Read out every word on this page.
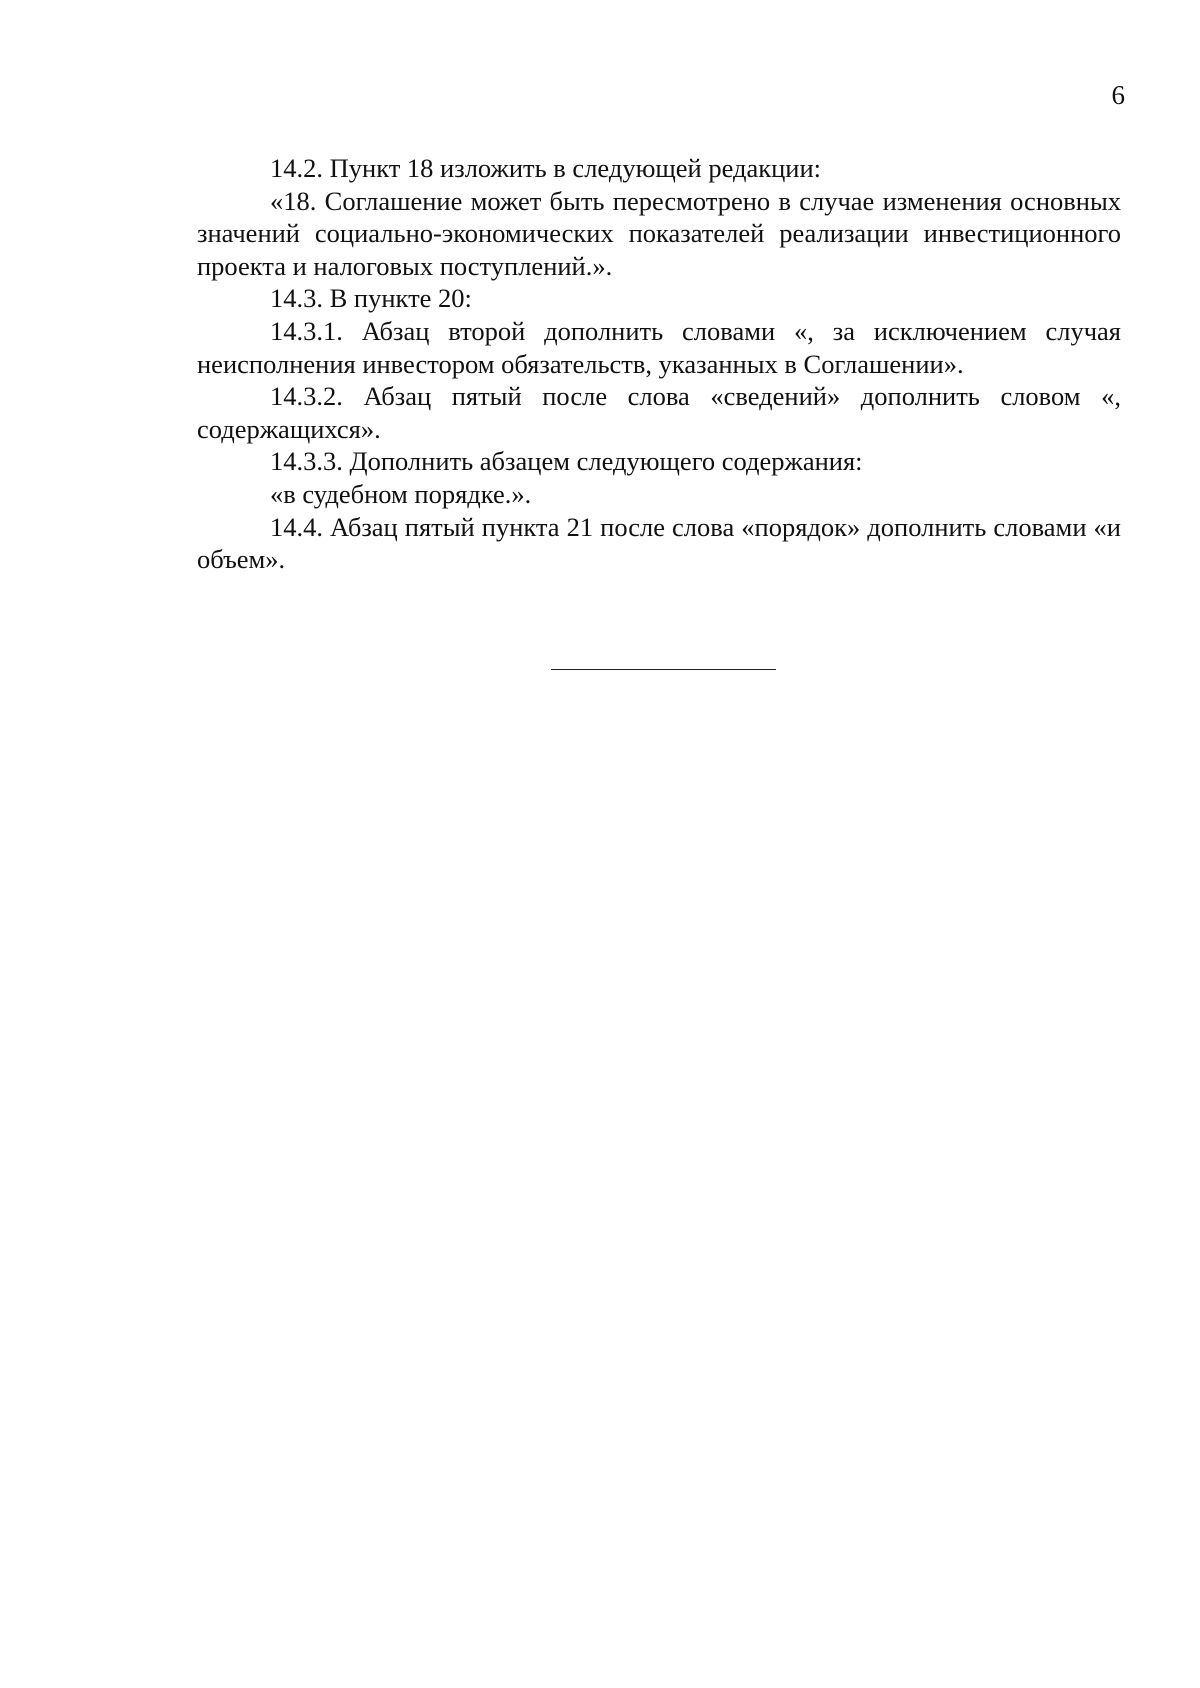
6

14.2. Пункт 18 изложить в следующей редакции:

«18. Соглашение может быть пересмотрено в случае изменения основных значений социально-экономических показателей реализации инвестиционного проекта и налоговых поступлений.».

14.3. В пункте 20:

14.3.1. Абзац второй дополнить словами «, за исключением случая неисполнения инвестором обязательств, указанных в Соглашении».

14.3.2. Абзац пятый после слова «сведений» дополнить словом «, содержащихся».

14.3.3. Дополнить абзацем следующего содержания:

«в судебном порядке.».

14.4. Абзац пятый пункта 21 после слова «порядок» дополнить словами «и объем».
